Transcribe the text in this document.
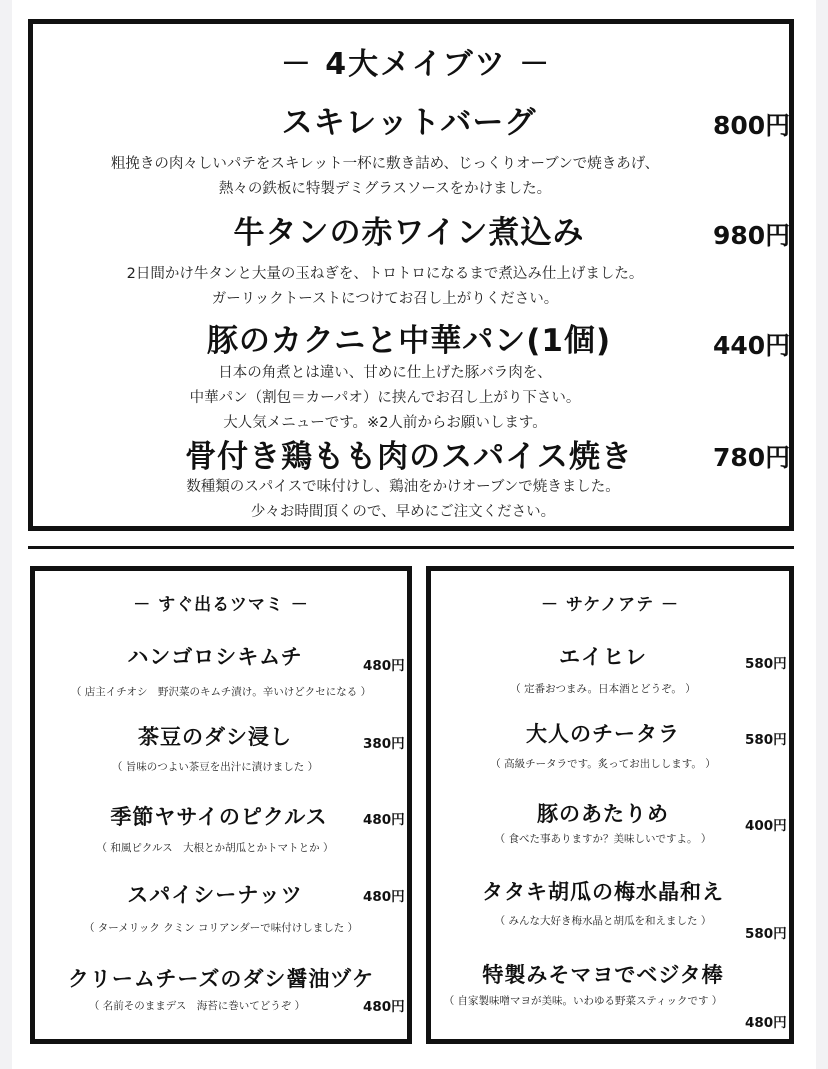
－ 4大メイブツ －
スキレットバーグ	800円
粗挽きの肉々しいパテをスキレット一杯に敷き詰め、じっくりオーブンで焼きあげ、
熱々の鉄板に特製デミグラスソースをかけました。
牛タンの赤ワイン煮込み	980円
2日間かけ牛タンと大量の玉ねぎを、トロトロになるまで煮込み仕上げました。
ガーリックトーストにつけてお召し上がりください。
豚のカクニと中華パン(1個)	440円
日本の角煮とは違い、甘めに仕上げた豚バラ肉を、
中華パン（割包＝カーパオ）に挟んでお召し上がり下さい。
大人気メニューです。※2人前からお願いします。
骨付き鶏もも肉のスパイス焼き	780円
数種類のスパイスで味付けし、鶏油をかけオーブンで焼きました。
少々お時間頂くので、早めにご注文ください。
－ すぐ出るツマミ －
ハンゴロシキムチ	480円
（ 店主イチオシ　野沢菜のキムチ漬け。辛いけどクセになる ）
茶豆のダシ浸し	380円
（ 旨味のつよい茶豆を出汁に漬けました ）
季節ヤサイのピクルス	480円
（ 和風ピクルス　大根とか胡瓜とかトマトとか ）
スパイシーナッツ	480円
（ ターメリック クミン コリアンダーで味付けしました ）
クリームチーズのダシ醤油ヅケ
（ 名前そのままデス　海苔に巻いてどうぞ ）	480円
－ サケノアテ －
エイヒレ	580円
（ 定番おつまみ。日本酒とどうぞ。 ）
大人のチータラ	580円
（ 高級チータラです。炙ってお出しします。 ）
豚のあたりめ	400円
（ 食べた事ありますか？美味しいですよ。 ）
タタキ胡瓜の梅水晶和え
（ みんな大好き梅水晶と胡瓜を和えました ）
580円
特製みそマヨでベジタ棒
（ 自家製味噌マヨが美味。いわゆる野菜スティックです ）
480円
